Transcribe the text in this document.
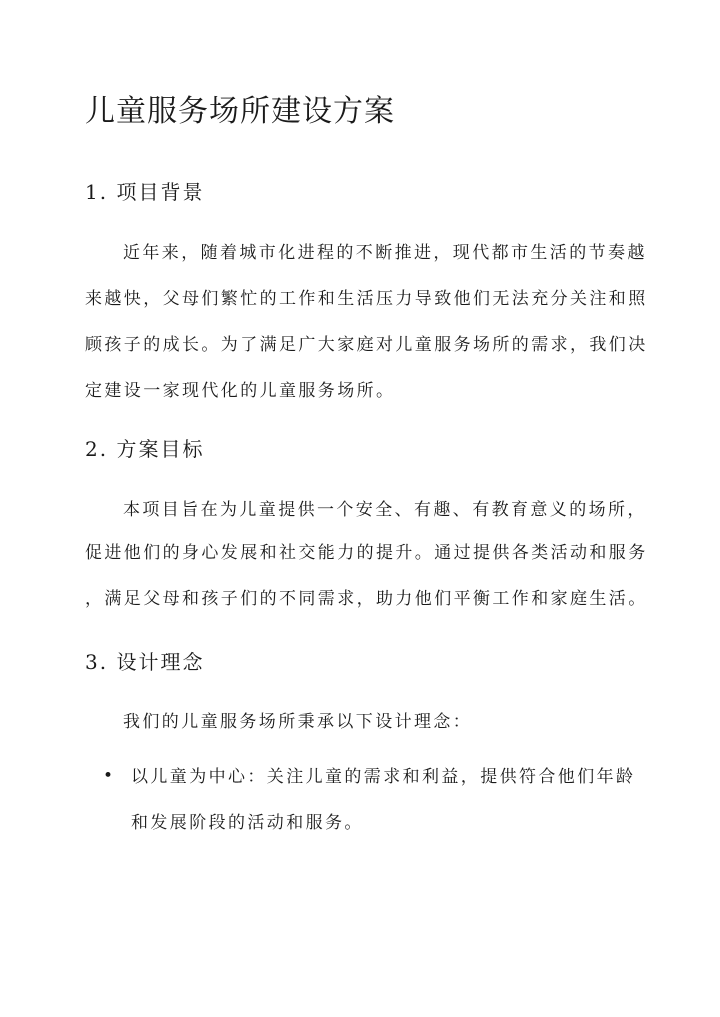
儿童服务场所建设方案
1. 项目背景
近年来，随着城市化进程的不断推进，现代都市生活的节奏越
来越快，父母们繁忙的工作和生活压力导致他们无法充分关注和照
顾孩子的成长。为了满足广大家庭对儿童服务场所的需求，我们决
定建设一家现代化的儿童服务场所。
2. 方案目标
本项目旨在为儿童提供一个安全、有趣、有教育意义的场所，
促进他们的身心发展和社交能力的提升。通过提供各类活动和服务
，满足父母和孩子们的不同需求，助力他们平衡工作和家庭生活。
3. 设计理念
我们的儿童服务场所秉承以下设计理念：
• 以儿童为中心：关注儿童的需求和利益，提供符合他们年龄
和发展阶段的活动和服务。
